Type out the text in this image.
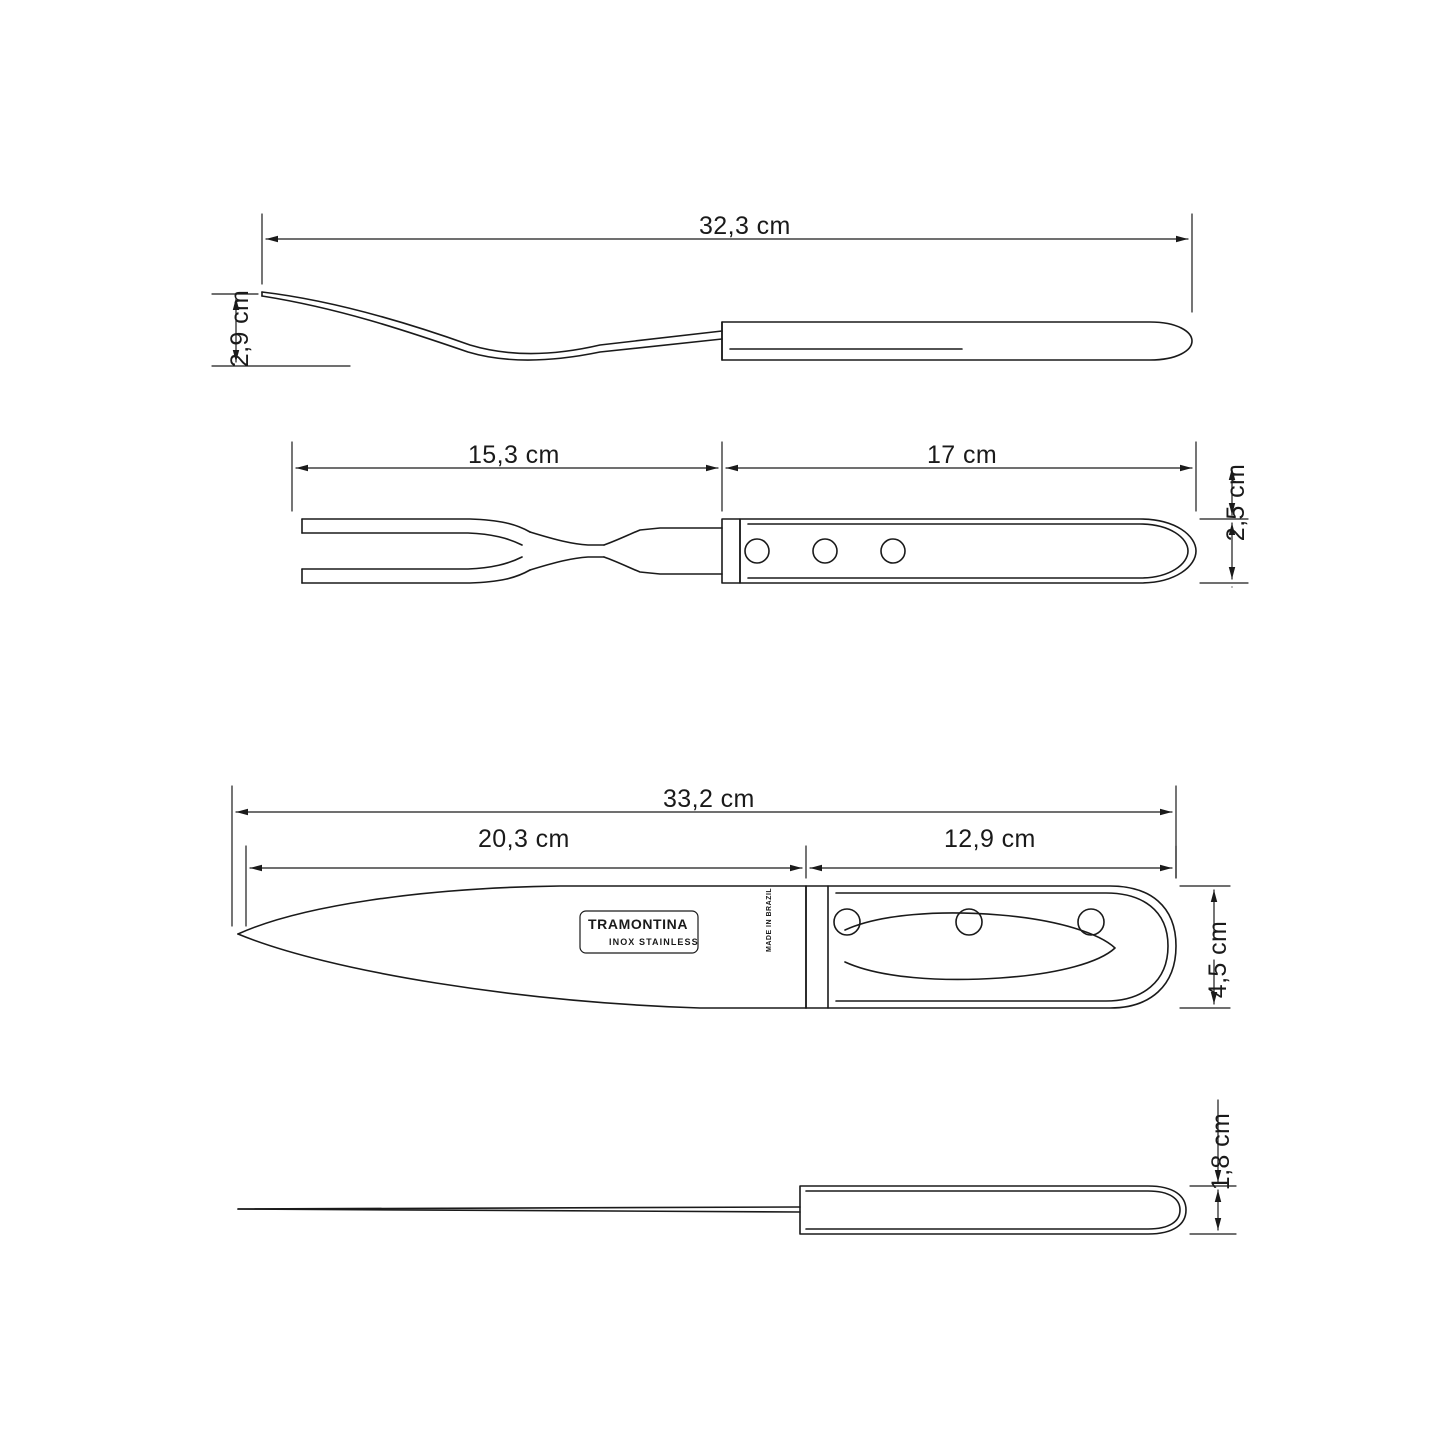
32,3 cm
2,9 cm
15,3 cm	17 cm
2,5 cm
33,2 cm
20,3 cm	12,9 cm
4,5 cm
1,8 cm
TRAMONTINA
INOX STAINLESS	MADE IN BRAZIL
